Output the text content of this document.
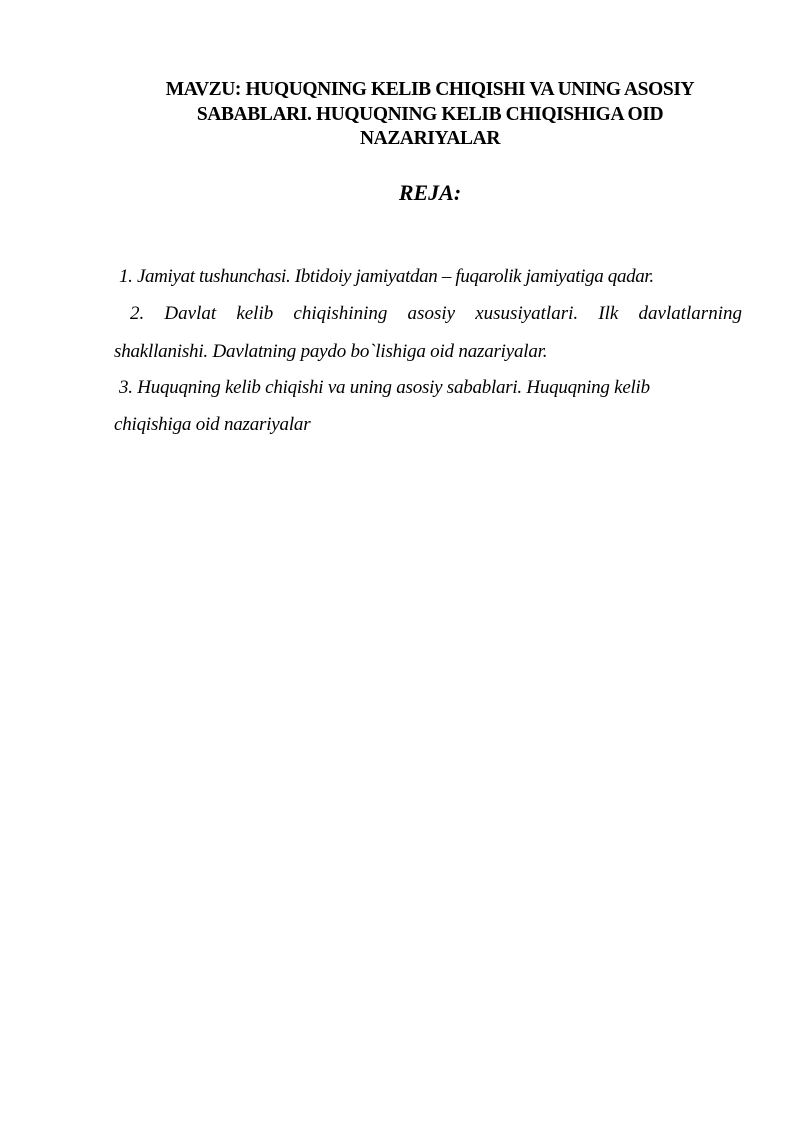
MAVZU: HUQUQNING KELIB CHIQISHI VA UNING ASOSIY
SABABLARI. HUQUQNING KELIB CHIQISHIGA OID
NAZARIYALAR
REJA:
1. Jamiyat tushunchasi. Ibtidoiy jamiyatdan – fuqarolik jamiyatiga qadar.
2. Davlat kelib chiqishining asosiy xususiyatlari. Ilk davlatlarning
shakllanishi. Davlatning paydo bo`lishiga oid nazariyalar.
3. Huquqning kelib chiqishi va uning asosiy sabablari. Huquqning kelib
chiqishiga oid nazariyalar
